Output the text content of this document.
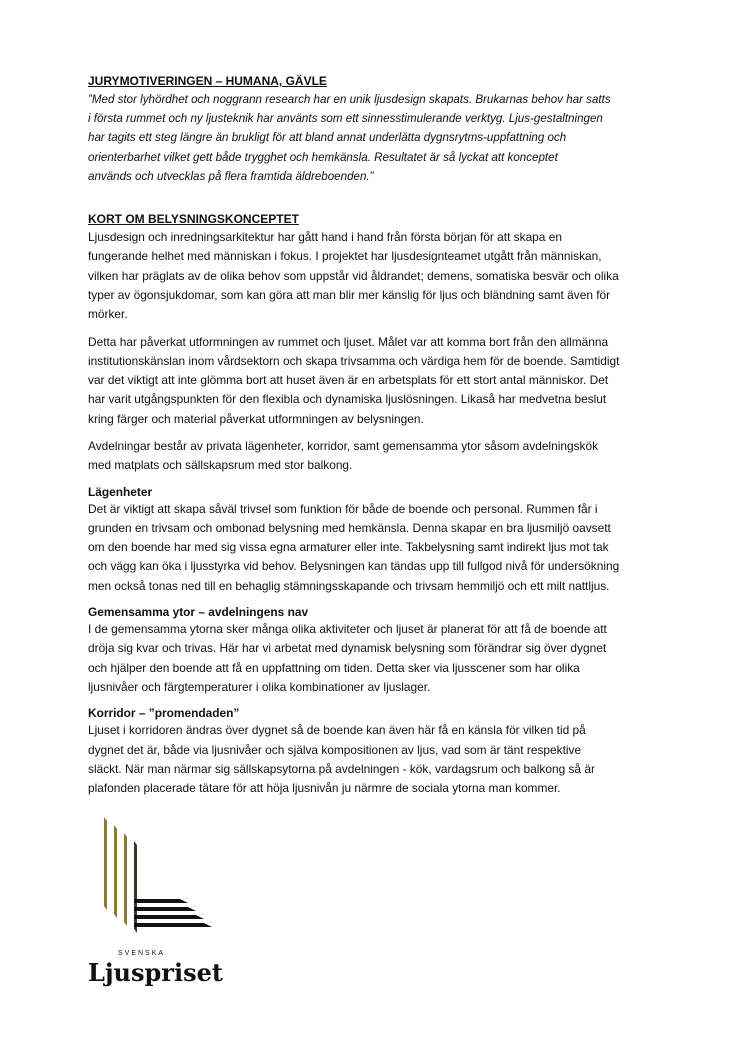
JURYMOTIVERINGEN – HUMANA, GÄVLE

”Med stor lyhördhet och noggrann research har en unik ljusdesign skapats. Brukarnas behov har satts
i första rummet och ny ljusteknik har använts som ett sinnesstimulerande verktyg. Ljus-gestaltningen
har tagits ett steg längre än brukligt för att bland annat underlätta dygnsrytms-uppfattning och
orienterbarhet vilket gett både trygghet och hemkänsla. Resultatet är så lyckat att konceptet
används och utvecklas på flera framtida äldreboenden.”

KORT OM BELYSNINGSKONCEPTET

Ljusdesign och inredningsarkitektur har gått hand i hand från första början för att skapa en
fungerande helhet med människan i fokus. I projektet har ljusdesignteamet utgått från människan,
vilken har präglats av de olika behov som uppstår vid åldrandet; demens, somatiska besvär och olika
typer av ögonsjukdomar, som kan göra att man blir mer känslig för ljus och bländning samt även för
mörker.

Detta har påverkat utformningen av rummet och ljuset. Målet var att komma bort från den allmänna
institutionskänslan inom vårdsektorn och skapa trivsamma och värdiga hem för de boende. Samtidigt
var det viktigt att inte glömma bort att huset även är en arbetsplats för ett stort antal människor. Det
har varit utgångspunkten för den flexibla och dynamiska ljuslösningen. Likaså har medvetna beslut
kring färger och material påverkat utformningen av belysningen.

Avdelningar består av privata lägenheter, korridor, samt gemensamma ytor såsom avdelningskök
med matplats och sällskapsrum med stor balkong.

Lägenheter

Det är viktigt att skapa såväl trivsel som funktion för både de boende och personal. Rummen får i
grunden en trivsam och ombonad belysning med hemkänsla. Denna skapar en bra ljusmiljö oavsett
om den boende har med sig vissa egna armaturer eller inte. Takbelysning samt indirekt ljus mot tak
och vägg kan öka i ljusstyrka vid behov. Belysningen kan tändas upp till fullgod nivå för undersökning
men också tonas ned till en behaglig stämningsskapande och trivsam hemmiljö och ett milt nattljus.

Gemensamma ytor – avdelningens nav

I de gemensamma ytorna sker många olika aktiviteter och ljuset är planerat för att få de boende att
dröja sig kvar och trivas. Här har vi arbetat med dynamisk belysning som förändrar sig över dygnet
och hjälper den boende att få en uppfattning om tiden. Detta sker via ljusscener som har olika
ljusnivåer och färgtemperaturer i olika kombinationer av ljuslager.

Korridor – ”promendaden”

Ljuset i korridoren ändras över dygnet så de boende kan även här få en känsla för vilken tid på
dygnet det är, både via ljusnivåer och själva kompositionen av ljus, vad som är tänt respektive
släckt. När man närmar sig sällskapsytorna på avdelningen - kök, vardagsrum och balkong så är
plafonden placerade tätare för att höja ljusnivån ju närmre de sociala ytorna man kommer.

SVENSKA
Ljuspriset
